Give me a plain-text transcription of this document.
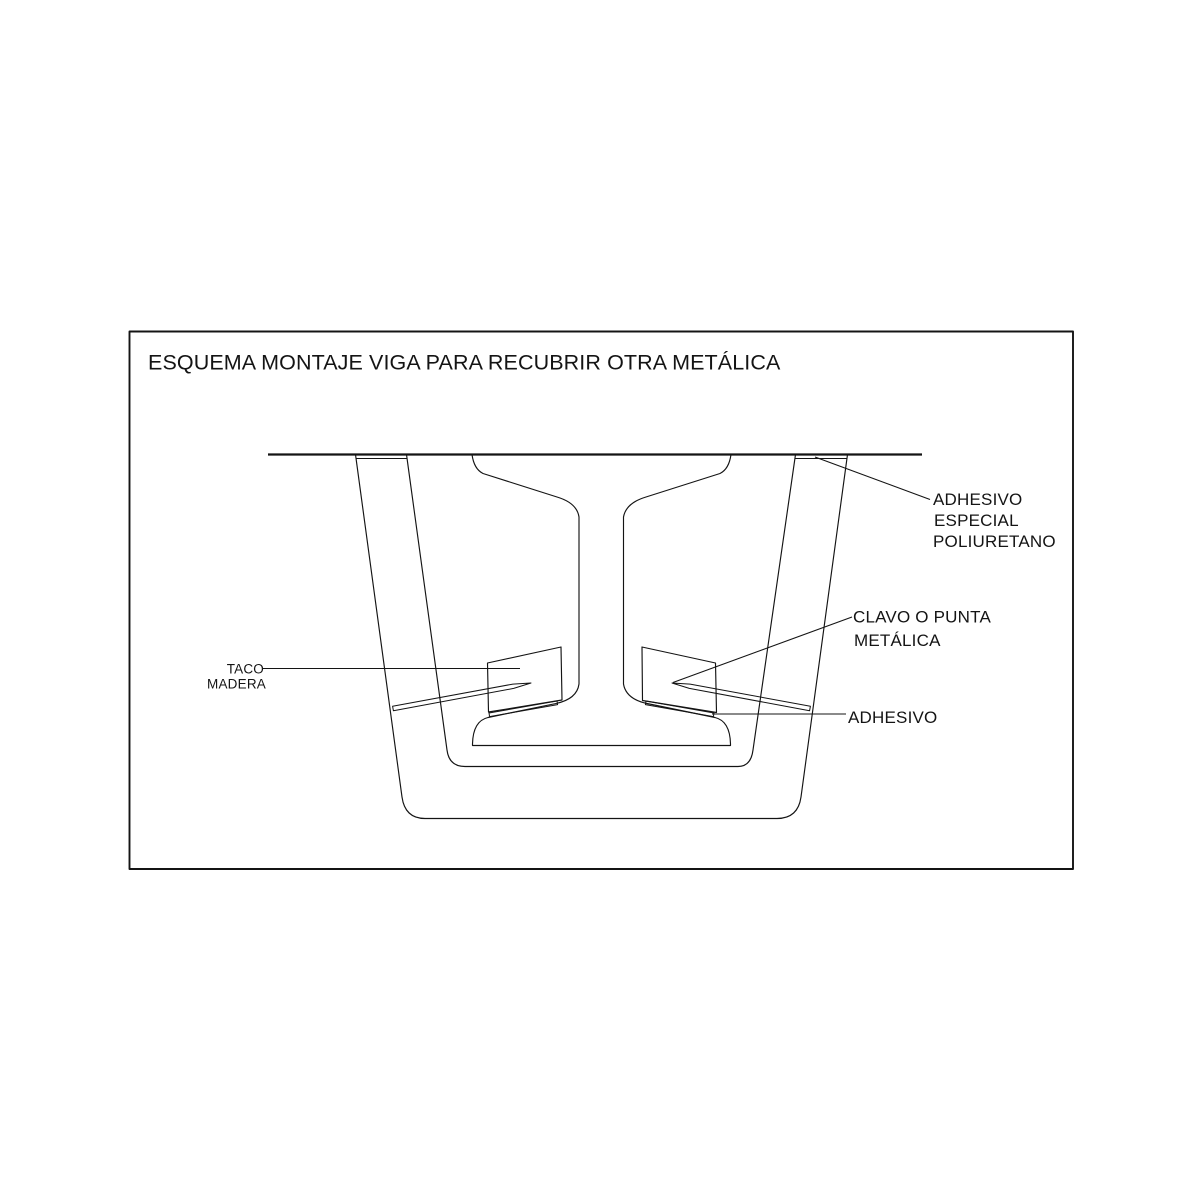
ESQUEMA MONTAJE VIGA PARA RECUBRIR OTRA METÁLICA
ADHESIVO
ESPECIAL
POLIURETANO
CLAVO O PUNTA
METÁLICA
TACO
MADERA
ADHESIVO
